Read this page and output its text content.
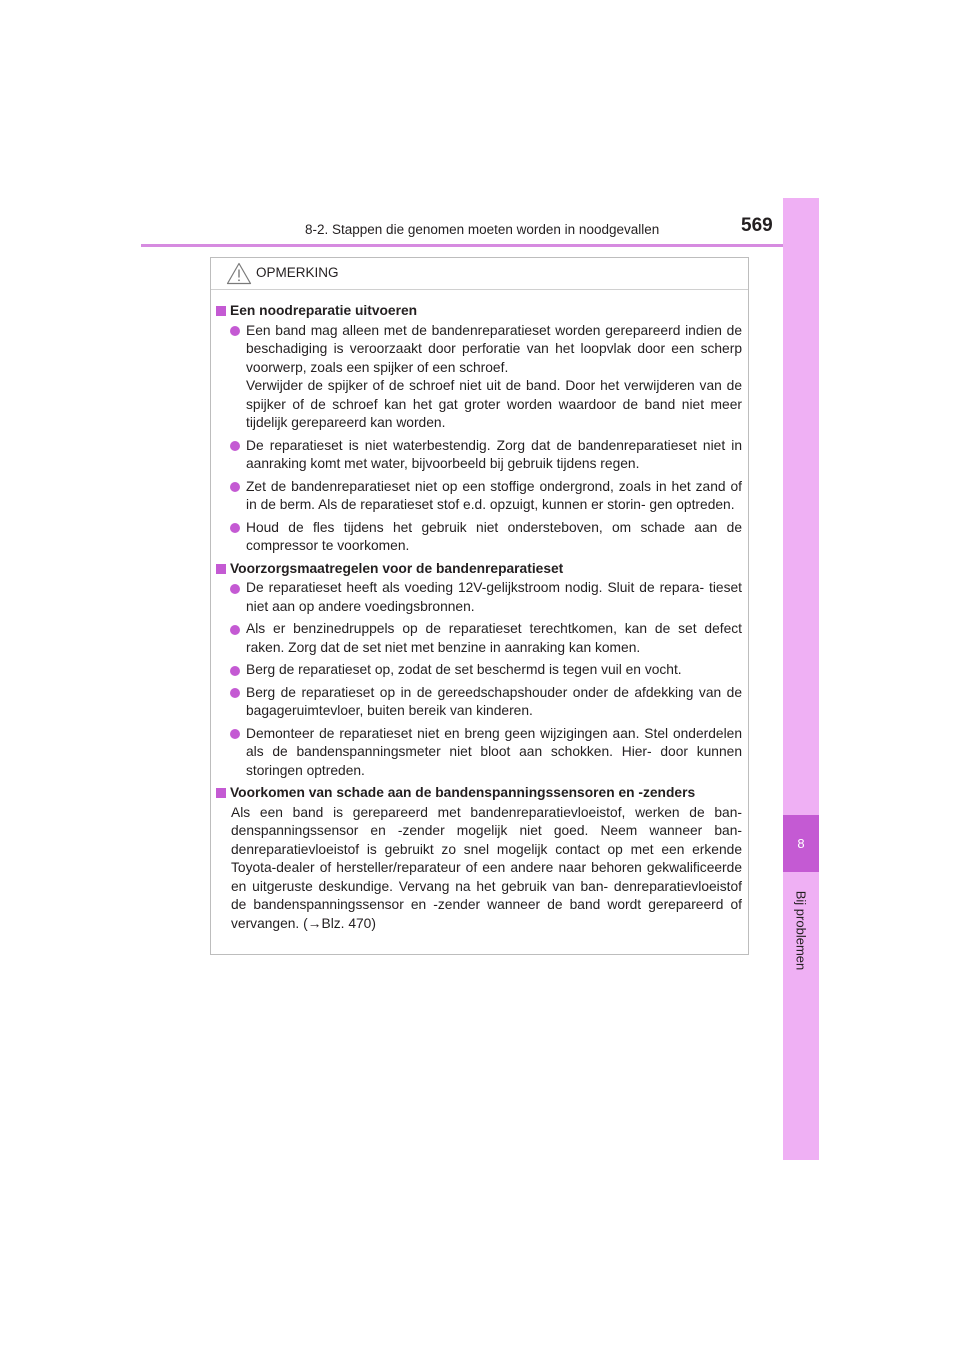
8-2. Stappen die genomen moeten worden in noodgevallen	569
8
Bij problemen
OPMERKING
Een noodreparatie uitvoeren

Een band mag alleen met de bandenreparatieset worden gerepareerd indien de beschadiging is veroorzaakt door perforatie van het loopvlak door een scherp voorwerp, zoals een spijker of een schroef.

Verwijder de spijker of de schroef niet uit de band. Door het verwijderen van de spijker of de schroef kan het gat groter worden waardoor de band niet meer tijdelijk gerepareerd kan worden.

De reparatieset is niet waterbestendig. Zorg dat de bandenreparatieset niet in aanraking komt met water, bijvoorbeeld bij gebruik tijdens regen.

Zet de bandenreparatieset niet op een stoffige ondergrond, zoals in het zand of in de berm. Als de reparatieset stof e.d. opzuigt, kunnen er storin- gen optreden.

Houd de fles tijdens het gebruik niet ondersteboven, om schade aan de compressor te voorkomen.

Voorzorgsmaatregelen voor de bandenreparatieset

De reparatieset heeft als voeding 12V-gelijkstroom nodig. Sluit de repara- tieset niet aan op andere voedingsbronnen.

Als er benzinedruppels op de reparatieset terechtkomen, kan de set defect raken. Zorg dat de set niet met benzine in aanraking kan komen.

Berg de reparatieset op, zodat de set beschermd is tegen vuil en vocht.

Berg de reparatieset op in de gereedschapshouder onder de afdekking van de bagageruimtevloer, buiten bereik van kinderen.

Demonteer de reparatieset niet en breng geen wijzigingen aan. Stel onderdelen als de bandenspanningsmeter niet bloot aan schokken. Hier- door kunnen storingen optreden.

Voorkomen van schade aan de bandenspanningssensoren en -zenders

Als een band is gerepareerd met bandenreparatievloeistof, werken de ban- denspanningssensor en -zender mogelijk niet goed. Neem wanneer ban- denreparatievloeistof is gebruikt zo snel mogelijk contact op met een erkende Toyota-dealer of hersteller/reparateur of een andere naar behoren gekwalificeerde en uitgeruste deskundige. Vervang na het gebruik van ban- denreparatievloeistof de bandenspanningssensor en -zender wanneer de band wordt gerepareerd of vervangen. (→Blz. 470)
